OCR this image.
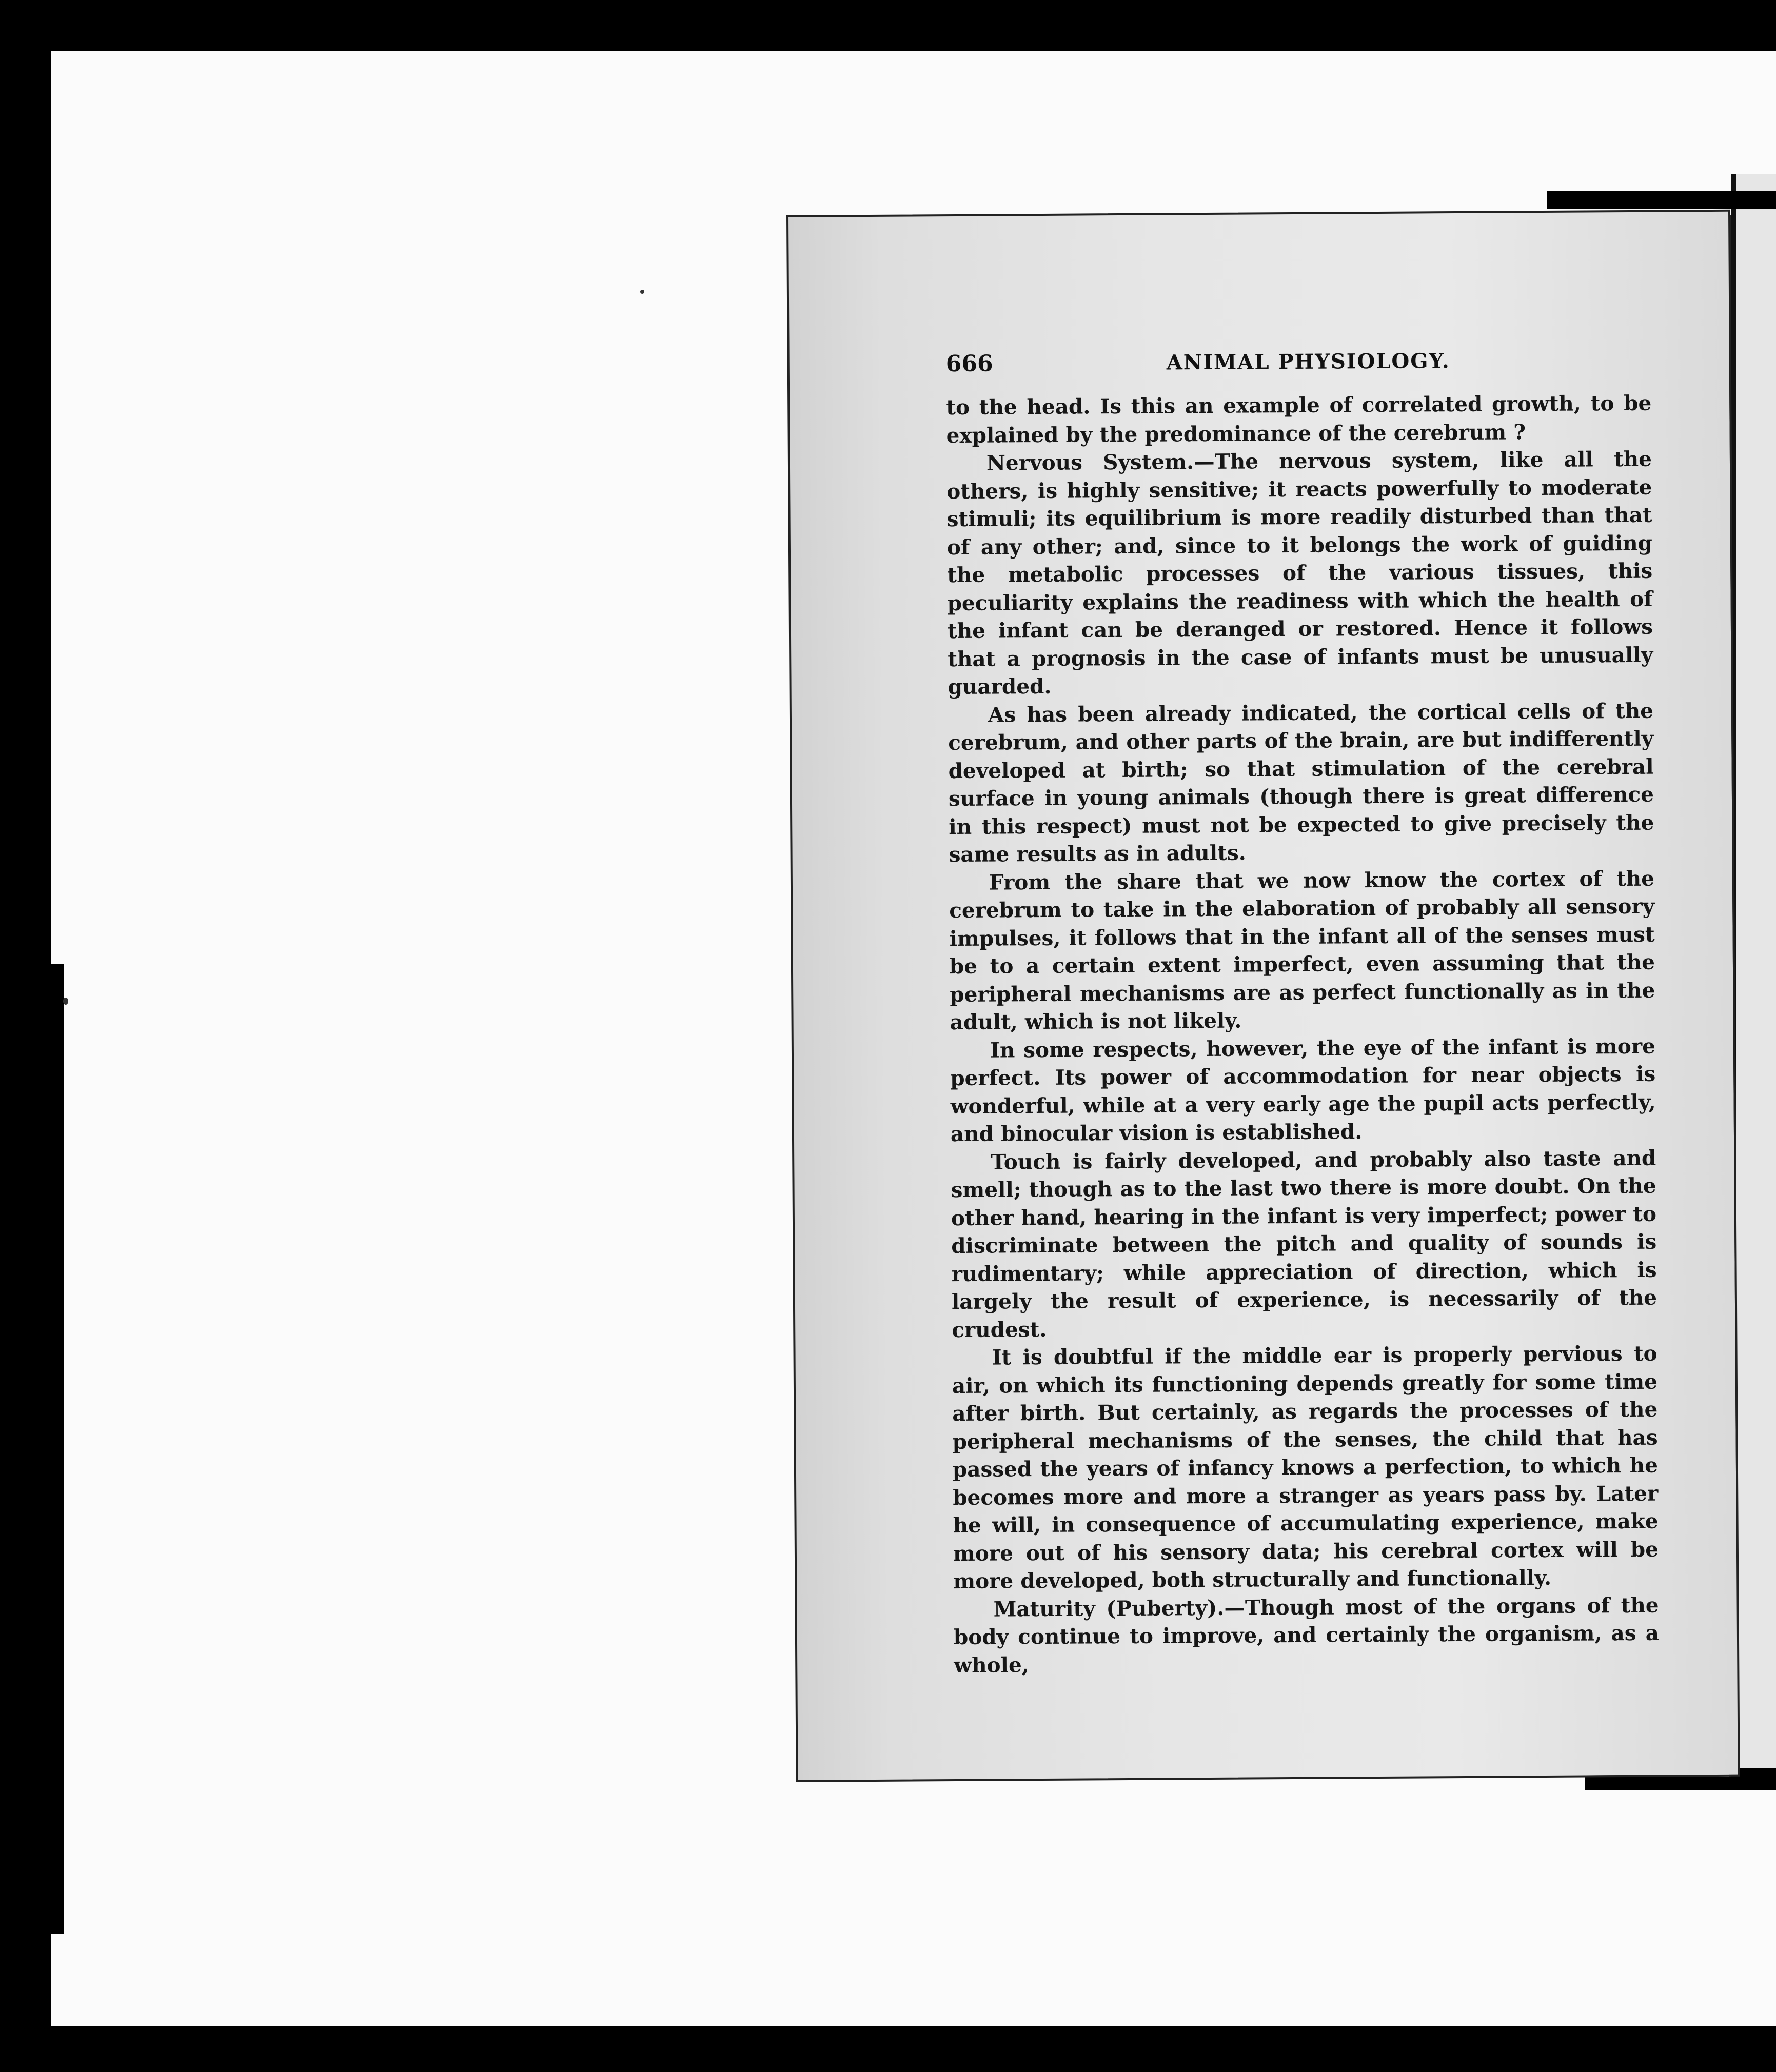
666	ANIMAL PHYSIOLOGY.

to the head. Is this an example of correlated growth, to be explained by the predominance of the cerebrum ?

Nervous System.—The nervous system, like all the others, is highly sensitive; it reacts powerfully to moderate stimuli; its equilibrium is more readily disturbed than that of any other; and, since to it belongs the work of guiding the metabolic processes of the various tissues, this peculiarity explains the readiness with which the health of the infant can be deranged or restored. Hence it follows that a prognosis in the case of infants must be unusually guarded.

As has been already indicated, the cortical cells of the cerebrum, and other parts of the brain, are but indifferently developed at birth; so that stimulation of the cerebral surface in young animals (though there is great difference in this respect) must not be expected to give precisely the same results as in adults.

From the share that we now know the cortex of the cerebrum to take in the elaboration of probably all sensory impulses, it follows that in the infant all of the senses must be to a certain extent imperfect, even assuming that the peripheral mechanisms are as perfect functionally as in the adult, which is not likely.

In some respects, however, the eye of the infant is more perfect. Its power of accommodation for near objects is wonderful, while at a very early age the pupil acts perfectly, and binocular vision is established.

Touch is fairly developed, and probably also taste and smell; though as to the last two there is more doubt. On the other hand, hearing in the infant is very imperfect; power to discriminate between the pitch and quality of sounds is rudimentary; while appreciation of direction, which is largely the result of experience, is necessarily of the crudest.

It is doubtful if the middle ear is properly pervious to air, on which its functioning depends greatly for some time after birth. But certainly, as regards the processes of the peripheral mechanisms of the senses, the child that has passed the years of infancy knows a perfection, to which he becomes more and more a stranger as years pass by. Later he will, in consequence of accumulating experience, make more out of his sensory data; his cerebral cortex will be more developed, both structurally and functionally.

Maturity (Puberty).—Though most of the organs of the body continue to improve, and certainly the organism, as a whole,
